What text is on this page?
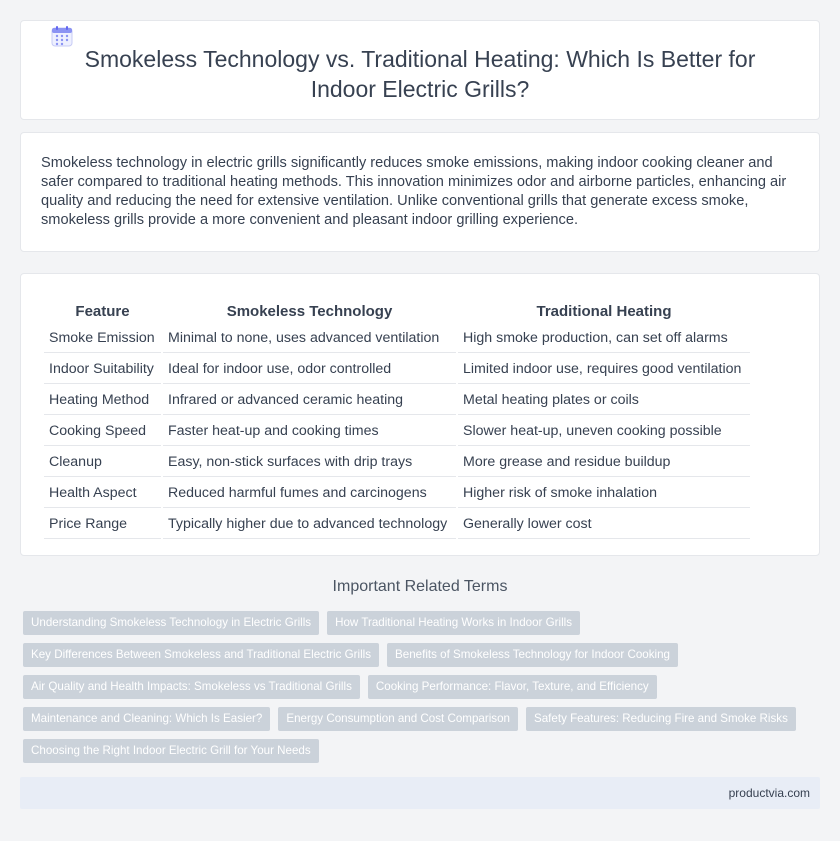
Smokeless Technology vs. Traditional Heating: Which Is Better for
Indoor Electric Grills?

Smokeless technology in electric grills significantly reduces smoke emissions, making indoor cooking cleaner and safer compared to traditional heating methods. This innovation minimizes odor and airborne particles, enhancing air quality and reducing the need for extensive ventilation. Unlike conventional grills that generate excess smoke, smokeless grills provide a more convenient and pleasant indoor grilling experience.

Feature	Smokeless Technology	Traditional Heating
Smoke Emission	Minimal to none, uses advanced ventilation	High smoke production, can set off alarms
Indoor Suitability	Ideal for indoor use, odor controlled	Limited indoor use, requires good ventilation
Heating Method	Infrared or advanced ceramic heating	Metal heating plates or coils
Cooking Speed	Faster heat-up and cooking times	Slower heat-up, uneven cooking possible
Cleanup	Easy, non-stick surfaces with drip trays	More grease and residue buildup
Health Aspect	Reduced harmful fumes and carcinogens	Higher risk of smoke inhalation
Price Range	Typically higher due to advanced technology	Generally lower cost
Important Related Terms
Understanding Smokeless Technology in Electric Grills	How Traditional Heating Works in Indoor Grills
Key Differences Between Smokeless and Traditional Electric Grills	Benefits of Smokeless Technology for Indoor Cooking
Air Quality and Health Impacts: Smokeless vs Traditional Grills	Cooking Performance: Flavor, Texture, and Efficiency
Maintenance and Cleaning: Which Is Easier?	Energy Consumption and Cost Comparison	Safety Features: Reducing Fire and Smoke Risks
Choosing the Right Indoor Electric Grill for Your Needs
productvia.com
